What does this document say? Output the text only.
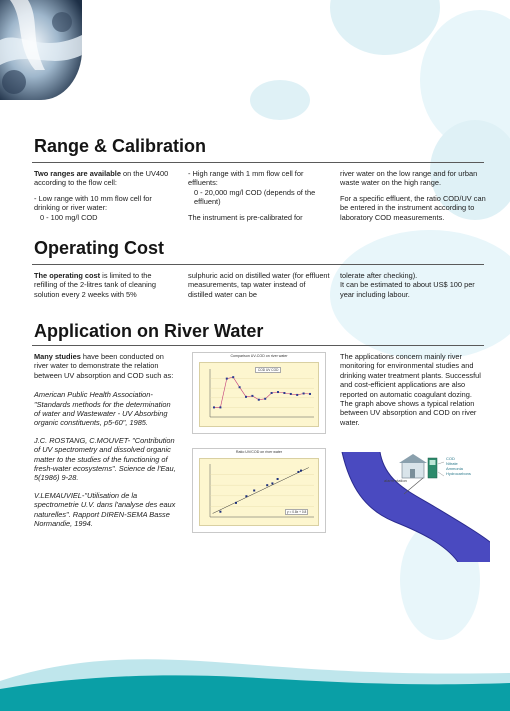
Range & Calibration

Two ranges are available on the UV400 according to the flow cell:

- Low range with 10 mm flow cell for drinking or river water:

0 - 100 mg/l COD

- High range with 1 mm flow cell for effluents:

0 - 20,000 mg/l COD (depends of the effluent)

The instrument is pre-calibrated for

river water on the low range and for urban waste water on the high range.

For a specific effluent, the ratio COD/UV can be entered in the instrument according to laboratory COD measurements.

Operating Cost

The operating cost is limited to the refilling of the 2-litres tank of cleaning solution every 2 weeks with 5%

sulphuric acid on distilled water (for effluent measurements, tap water instead of distilled water can be

tolerate after checking).

It can be estimated to about US$ 100 per year including labour.

Application on River Water

Many studies have been conducted on river water to demonstrate the relation between UV absorption and COD such as:

American Public Health Association- "Standards methods for the determination of water and Wastewater - UV Absorbing organic constituents, p5-60", 1985.

J.C. ROSTANG, C.MOUVET- "Contribution of UV spectrometry and dissolved organic matter to the studies of the functioning of fresh-water ecosystems". Science de l'Eau, 5(1986) 9-28.

V.LEMAUVIEL-"Utilisation de la spectrometrie U.V. dans l'analyse des eaux naturelles". Rapport DIREN-SEMA Basse Normandie, 1994.

Comparison UV-COD on river water
COD UV COD
Ratio UV/COD on river water
y = 0.8x + 0.8

The applications concern mainly river monitoring for environmental studies and drinking water treatment plants. Successful and cost-efficient applications are also reported on automatic coagulant dozing.

The graph above shows a typical relation between UV absorption and COD on river water.

COD
Nitrate
Ammonia
Hydrocarbons
alarm station
